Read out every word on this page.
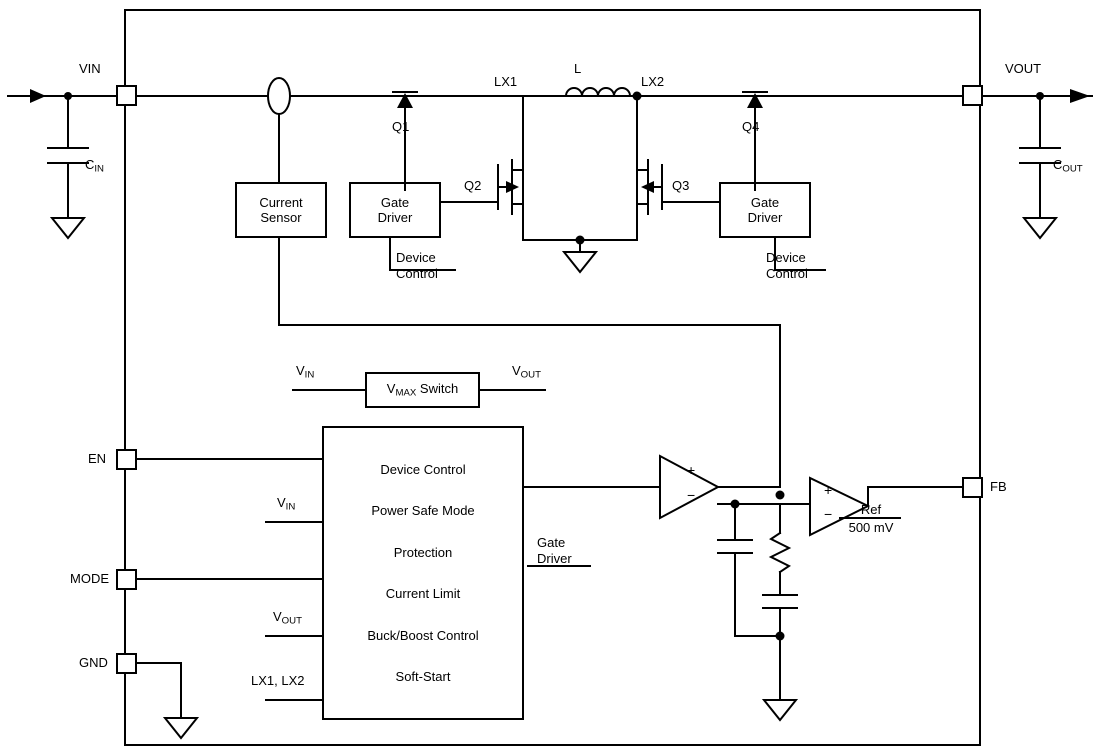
VIN	VOUT
EN
MODE
GND
FB
$C_{IN}$	$C_{OUT}$
L
LX1	LX2
Q1
Q2	Q3
Q4
Current
Sensor
Gate
Driver
Gate
Driver
Device
Control
Device
Control
$V_{MAX}$ Switch
$V_{IN}$	$V_{OUT}$
Device Control
Power Safe Mode
Protection
Current Limit
Buck/Boost Control
Soft-Start
$V_{IN}$
$V_{OUT}$
LX1, LX2
Gate
Driver
+
−	+
−	Ref
500 mV
